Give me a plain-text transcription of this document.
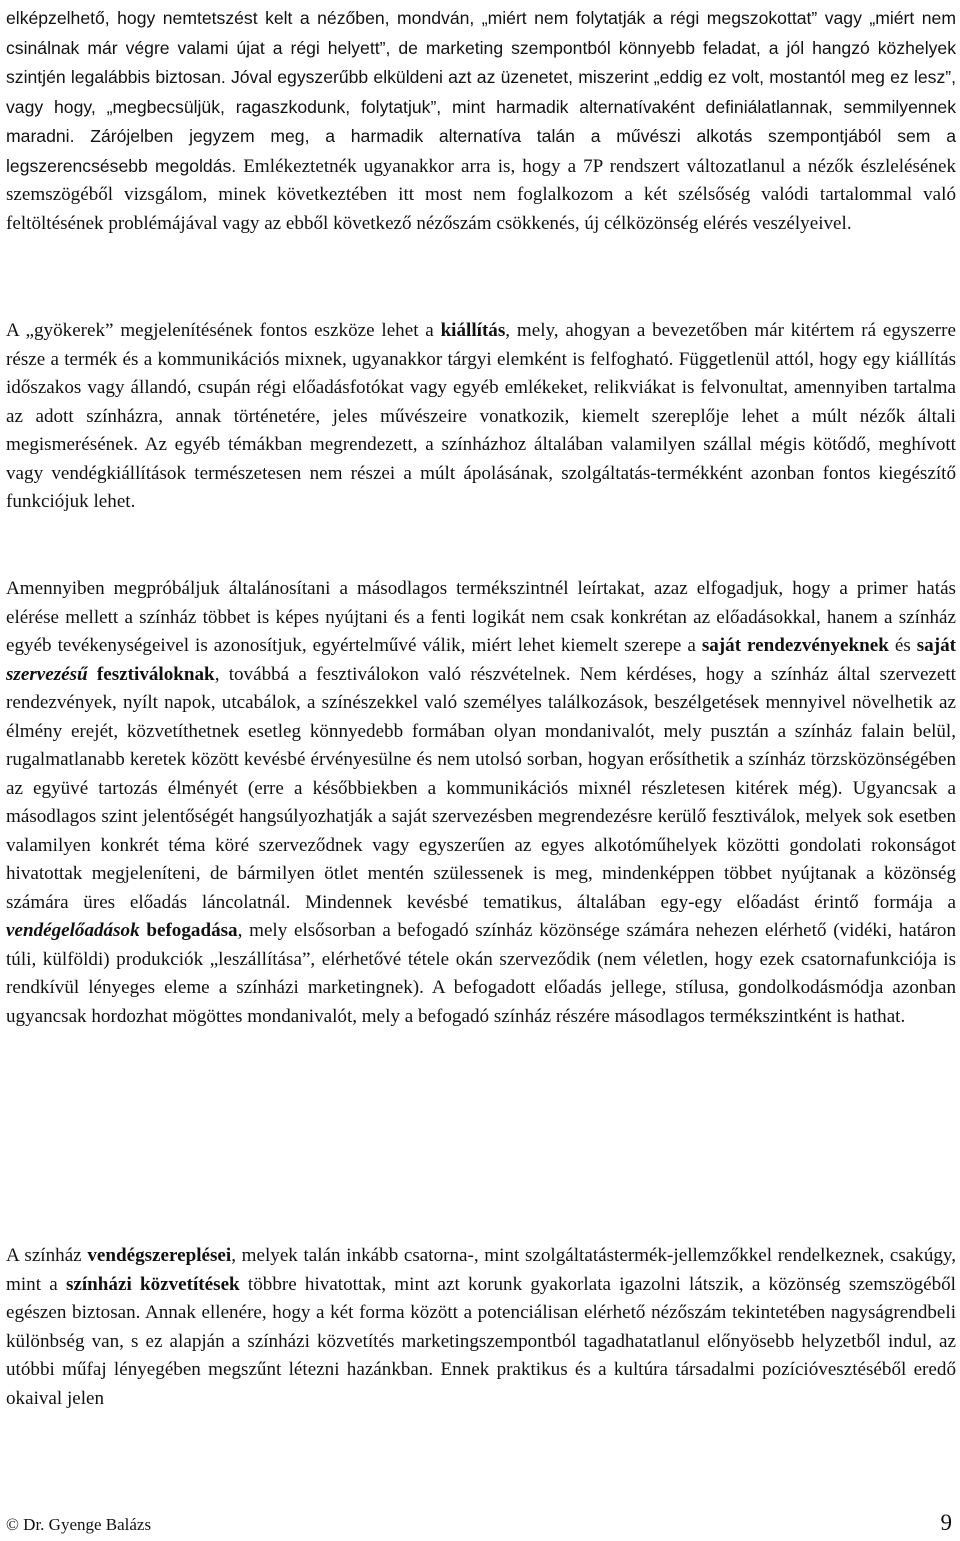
elképzelhető, hogy nemtetszést kelt a nézőben, mondván, „miért nem folytatják a régi megszokottat” vagy „miért nem csinálnak már végre valami újat a régi helyett”, de marketing szempontból könnyebb feladat, a jól hangzó közhelyek szintjén legalábbis biztosan. Jóval egyszerűbb elküldeni azt az üzenetet, miszerint „eddig ez volt, mostantól meg ez lesz”, vagy hogy, „megbecsüljük, ragaszkodunk, folytatjuk”, mint harmadik alternatívaként definiálatlannak, semmilyennek maradni. Zárójelben jegyzem meg, a harmadik alternatíva talán a művészi alkotás szempontjából sem a legszerencsésebb megoldás. Emlékeztetnék ugyanakkor arra is, hogy a 7P rendszert változatlanul a nézők észlelésének szemszögéből vizsgálom, minek következtében itt most nem foglalkozom a két szélsőség valódi tartalommal való feltöltésének problémájával vagy az ebből következő nézőszám csökkenés, új célközönség elérés veszélyeivel.

A „gyökerek” megjelenítésének fontos eszköze lehet a kiállítás, mely, ahogyan a bevezetőben már kitértem rá egyszerre része a termék és a kommunikációs mixnek, ugyanakkor tárgyi elemként is felfogható. Függetlenül attól, hogy egy kiállítás időszakos vagy állandó, csupán régi előadásfotókat vagy egyéb emlékeket, relikviákat is felvonultat, amennyiben tartalma az adott színházra, annak történetére, jeles művészeire vonatkozik, kiemelt szereplője lehet a múlt nézők általi megismerésének. Az egyéb témákban megrendezett, a színházhoz általában valamilyen szállal mégis kötődő, meghívott vagy vendégkiállítások természetesen nem részei a múlt ápolásának, szolgáltatás-termékként azonban fontos kiegészítő funkciójuk lehet.

Amennyiben megpróbáljuk általánosítani a másodlagos termékszintnél leírtakat, azaz elfogadjuk, hogy a primer hatás elérése mellett a színház többet is képes nyújtani és a fenti logikát nem csak konkrétan az előadásokkal, hanem a színház egyéb tevékenységeivel is azonosítjuk, egyértelművé válik, miért lehet kiemelt szerepe a saját rendezvényeknek és saját szervezésű fesztiváloknak, továbbá a fesztiválokon való részvételnek. Nem kérdéses, hogy a színház által szervezett rendezvények, nyílt napok, utcabálok, a színészekkel való személyes találkozások, beszélgetések mennyivel növelhetik az élmény erejét, közvetíthetnek esetleg könnyedebb formában olyan mondanivalót, mely pusztán a színház falain belül, rugalmatlanabb keretek között kevésbé érvényesülne és nem utolsó sorban, hogyan erősíthetik a színház törzsközönségében az együvé tartozás élményét (erre a későbbiekben a kommunikációs mixnél részletesen kitérek még). Ugyancsak a másodlagos szint jelentőségét hangsúlyozhatják a saját szervezésben megrendezésre kerülő fesztiválok, melyek sok esetben valamilyen konkrét téma köré szerveződnek vagy egyszerűen az egyes alkotóműhelyek közötti gondolati rokonságot hivatottak megjeleníteni, de bármilyen ötlet mentén szülessenek is meg, mindenképpen többet nyújtanak a közönség számára üres előadás láncolatnál. Mindennek kevésbé tematikus, általában egy-egy előadást érintő formája a vendégelőadások befogadása, mely elsősorban a befogadó színház közönsége számára nehezen elérhető (vidéki, határon túli, külföldi) produkciók „leszállítása”, elérhetővé tétele okán szerveződik (nem véletlen, hogy ezek csatornafunkciója is rendkívül lényeges eleme a színházi marketingnek). A befogadott előadás jellege, stílusa, gondolkodásmódja azonban ugyancsak hordozhat mögöttes mondanivalót, mely a befogadó színház részére másodlagos termékszintként is hathat.

A színház vendégszereplései, melyek talán inkább csatorna-, mint szolgáltatástermék-jellemzőkkel rendelkeznek, csakúgy, mint a színházi közvetítések többre hivatottak, mint azt korunk gyakorlata igazolni látszik, a közönség szemszögéből egészen biztosan. Annak ellenére, hogy a két forma között a potenciálisan elérhető nézőszám tekintetében nagyságrendbeli különbség van, s ez alapján a színházi közvetítés marketingszempontból tagadhatatlanul előnyösebb helyzetből indul, az utóbbi műfaj lényegében megszűnt létezni hazánkban. Ennek praktikus és a kultúra társadalmi pozícióvesztéséből eredő okaival jelen

© Dr. Gyenge Balázs	9
